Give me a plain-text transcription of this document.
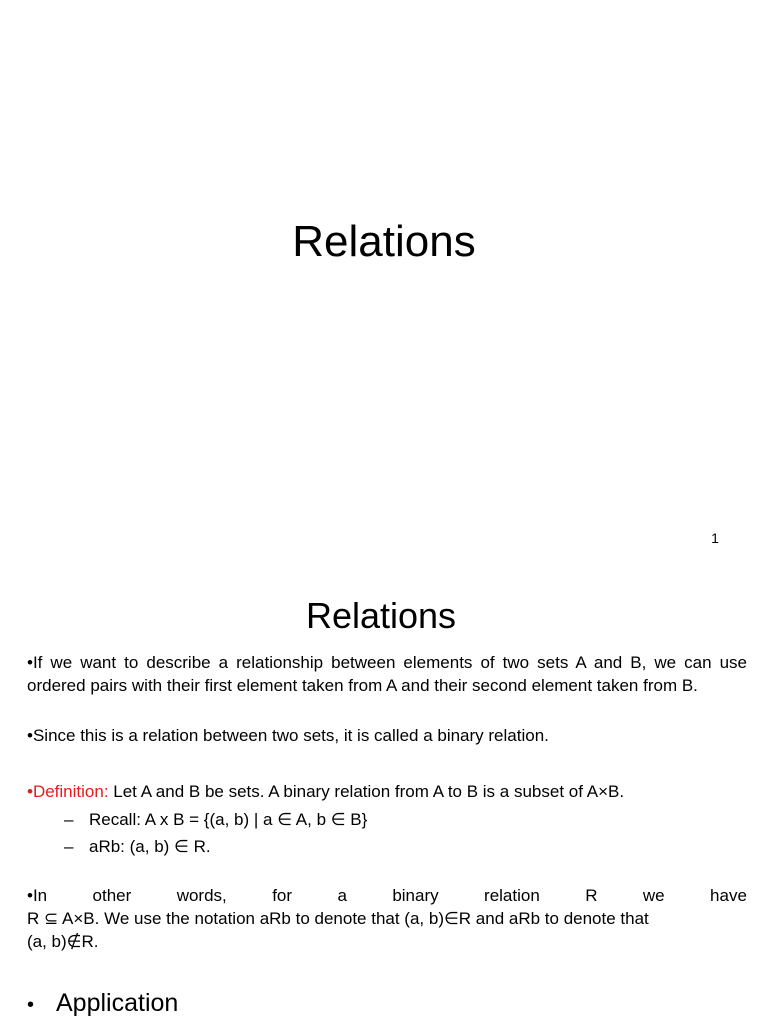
Relations
1
Relations
•If we want to describe a relationship between elements of two sets A and B, we can use ordered pairs with their first element taken from A and their second element taken from B.
•Since this is a relation between two sets, it is called a binary relation.
•Definition: Let A and B be sets. A binary relation from A to B is a subset of A×B.
– Recall: A x B = {(a, b) | a ∈ A, b ∈ B}
– aRb: (a, b) ∈ R.
•In	other	words,	for	a	binary	relation	R	we	have
R ⊆ A×B. We use the notation aRb to denote that (a, b)∈R and aRb to denote that
(a, b)∉R.
• Application
